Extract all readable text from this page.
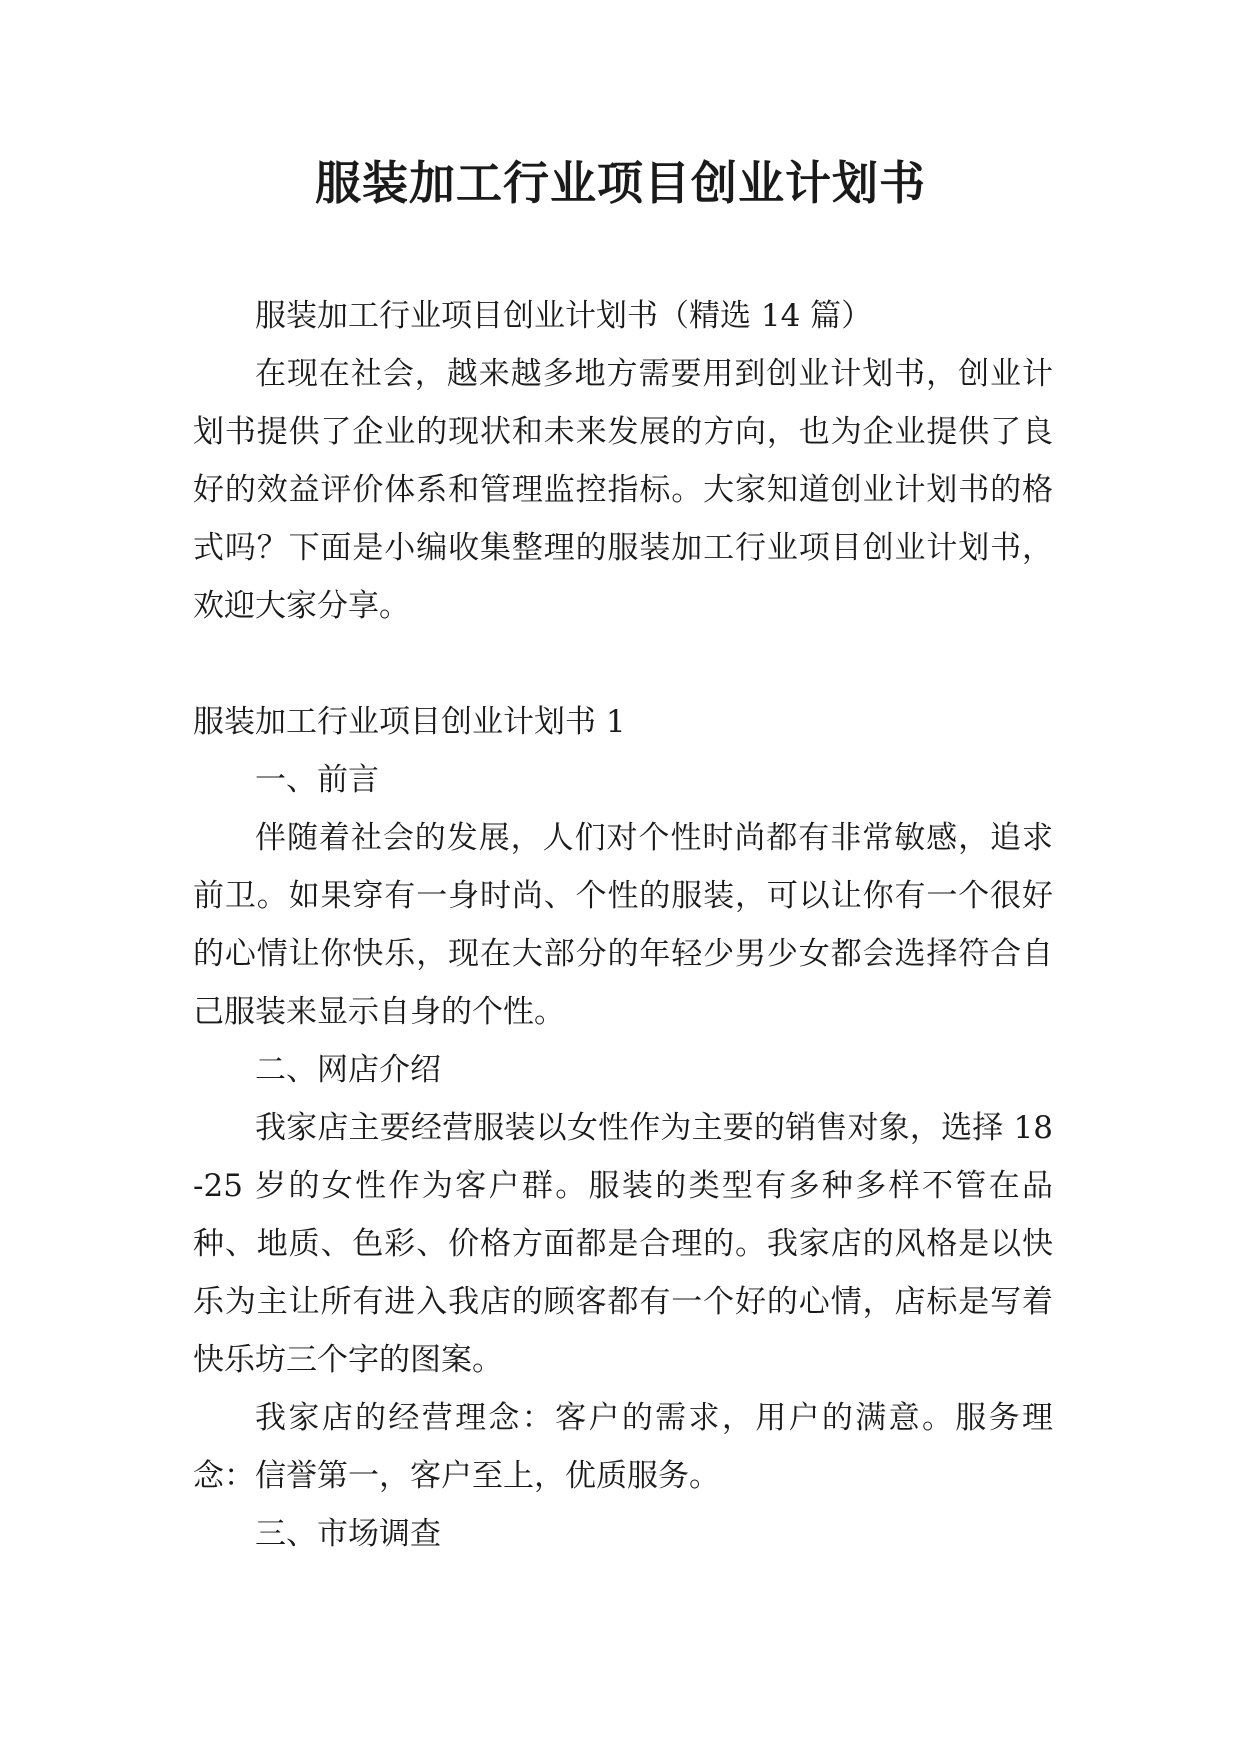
服装加工行业项目创业计划书

服装加工行业项目创业计划书（精选 14 篇）

在现在社会，越来越多地方需要用到创业计划书，创业计划书提供了企业的现状和未来发展的方向，也为企业提供了良好的效益评价体系和管理监控指标。大家知道创业计划书的格式吗？下面是小编收集整理的服装加工行业项目创业计划书，欢迎大家分享。

服装加工行业项目创业计划书 1

一、前言

伴随着社会的发展，人们对个性时尚都有非常敏感，追求前卫。如果穿有一身时尚、个性的服装，可以让你有一个很好的心情让你快乐，现在大部分的年轻少男少女都会选择符合自己服装来显示自身的个性。

二、网店介绍

我家店主要经营服装以女性作为主要的销售对象，选择 18-25 岁的女性作为客户群。服装的类型有多种多样不管在品种、地质、色彩、价格方面都是合理的。我家店的风格是以快乐为主让所有进入我店的顾客都有一个好的心情，店标是写着快乐坊三个字的图案。

我家店的经营理念：客户的需求，用户的满意。服务理念：信誉第一，客户至上，优质服务。

三、市场调查
